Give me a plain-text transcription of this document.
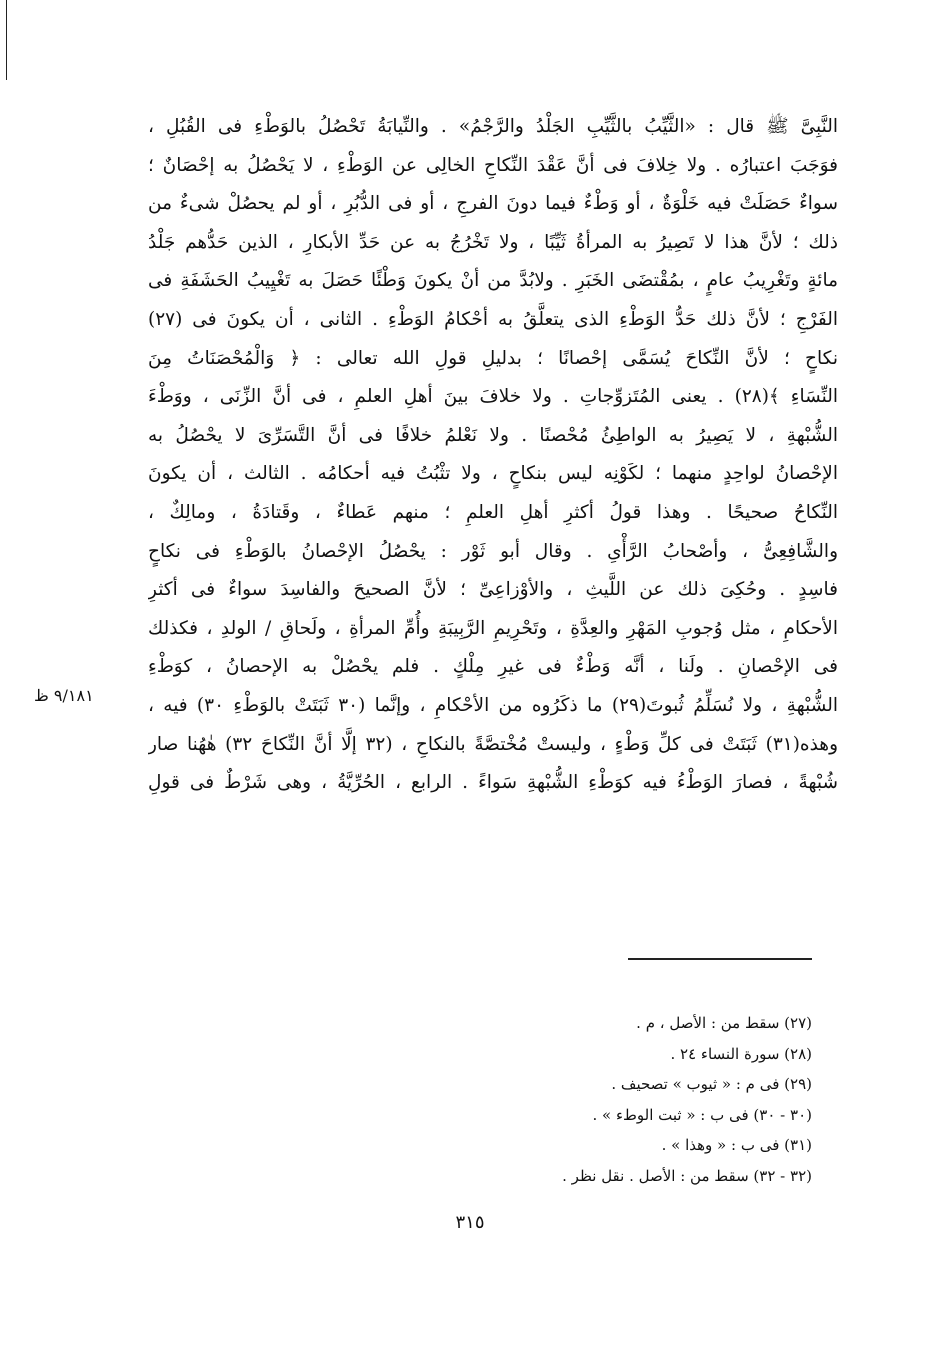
النَّبِىَّ ﷺ قال : «الثَّيِّبُ بالثَّيِّبِ الجَلْدُ والرَّجْمُ» . والنِّيابَةُ تَحْصُلُ بالوَطْءِ فى القُبُلِ ،
فوَجَبَ اعتبارُه . ولا خِلافَ فى أنَّ عَقْدَ النِّكاحِ الخالِى عن الوَطْءِ ، لا يَحْصُلُ به إحْصَانٌ ؛
سواءٌ حَصَلَتْ فيه خَلْوَةٌ ، أو وَطْءٌ فيما دونَ الفرجِ ، أو فى الدُّبُرِ ، أو لم يحصُلْ شىءٌ من
ذلك ؛ لأنَّ هذا لا تَصِيرُ به المرأةُ ثَيِّبًا ، ولا تَخْرُجُ به عن حَدِّ الأبكارِ ، الذين حَدُّهم جَلْدُ
مائةٍ وتَغْرِيبُ عامٍ ، بمُقْتضَى الخَبَرِ . ولابُدَّ من أنْ يكونَ وَطْئًا حَصَلَ به تَغْيِيبُ الحَشَفَةِ فى
الفَرْجِ ؛ لأنَّ ذلك حَدُّ الوَطْءِ الذى يتعلَّقُ به أحْكامُ الوَطْءِ . الثانى ، أن يكونَ فى (٢٧)
نكاحٍ ؛ لأنَّ النِّكاحَ يُسَمَّى إحْصانًا ؛ بدليلِ قولِ الله تعالى : ﴿ وَالْمُحْصَنَاتُ مِنَ
النِّسَاءِ ﴾(٢٨) . يعنى المُتَزوِّجاتِ . ولا خلافَ بينَ أهلِ العلمِ ، فى أنَّ الزِّنَى ، ووَطْءَ
الشُّبْهةِ ، لا يَصِيرُ به الواطِئُ مُحْصنًا . ولا نَعْلمُ خلافًا فى أنَّ التَّسَرِّىَ لا يحْصُلُ به
الإحْصانُ لواحِدٍ منهما ؛ لكَوْنِه ليس بنكاحٍ ، ولا تثْبُتُ فيه أحكامُه . الثالث ، أن يكونَ
النِّكاحُ صحيحًا . وهذا قولُ أكثرِ أهلِ العلمِ ؛ منهم عَطاءٌ ، وقَتادَةُ ، ومالِكٌ ،
والشَّافِعِىُّ ، وأصْحابُ الرَّأْىِ . وقال أبو ثَوْر : يحْصُلُ الإحْصانُ بالوَطْءِ فى نكاحٍ
فاسِدٍ . وحُكِىَ ذلك عن اللَّيثِ ، والأوْزاعِىِّ ؛ لأنَّ الصحيحَ والفاسِدَ سواءٌ فى أكثرِ
الأحكامِ ، مثل وُجوبِ المَهْرِ والعِدَّةِ ، وتَحْرِيمِ الرَّبِيبَةِ وأُمِّ المرأةِ ، ولَحاقِ / الولدِ ، فكذلك
فى الإحْصانِ . ولَنا ، أنَّه وَطْءٌ فى غيرِ مِلْكٍ . فلم يحْصُلْ به الإحصانُ ، كوَطْءِ
الشُّبْهةِ ، ولا نُسَلِّمُ ثُبوتَ(٢٩) ما ذكَرُوه من الأحْكامِ ، وإنَّما (٣٠ ثَبَتَتْ بالوَطْءِ ٣٠) فيه ،
وهذه(٣١) ثَبَتَتْ فى كلِّ وَطْءٍ ، وليستْ مُخْتصَّةً بالنكاحِ ، (٣٢ إلَّا أنَّ النِّكاحَ ٣٢) هٰهُنا صار
شُبْهةً ، فصارَ الوَطْءُ فيه كوَطْءِ الشُّبْهةِ سَواءً . الرابع ، الحُرِّيَّةُ ، وهى شَرْطٌ فى قولِ
٩/١٨١ ظ
(٢٧) سقط من : الأصل ، م .
(٢٨) سورة النساء ٢٤ .
(٢٩) فى م : « ثيوب » تصحيف .
(٣٠ - ٣٠) فى ب : « ثبت الوطء » .
(٣١) فى ب : « وهذا » .
(٣٢ - ٣٢) سقط من : الأصل . نقل نظر .
٣١٥
